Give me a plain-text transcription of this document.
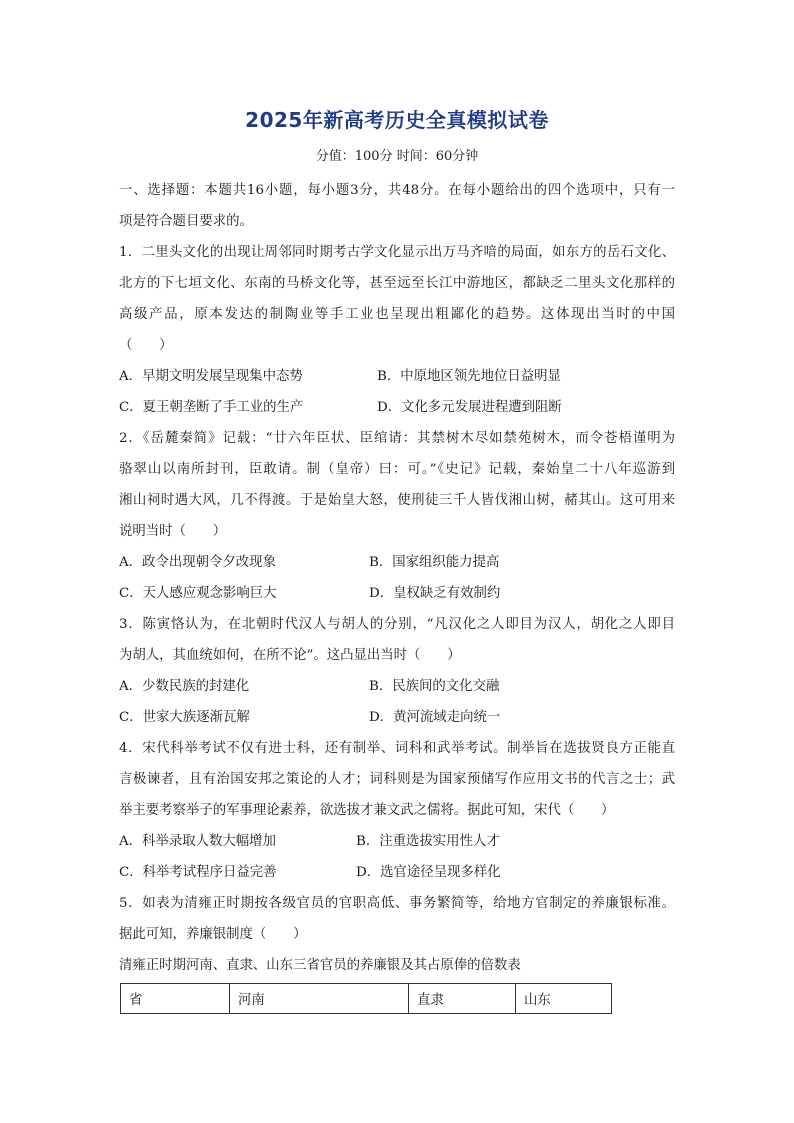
2025年新高考历史全真模拟试卷
分值：100分 时间：60分钟
一、选择题：本题共16小题，每小题3分，共48分。在每小题给出的四个选项中，只有一
项是符合题目要求的。
1．二里头文化的出现让周邻同时期考古学文化显示出万马齐喑的局面，如东方的岳石文化、
北方的下七垣文化、东南的马桥文化等，甚至远至长江中游地区，都缺乏二里头文化那样的
高级产品，原本发达的制陶业等手工业也呈现出粗鄙化的趋势。这体现出当时的中国
（　　）
A．早期文明发展呈现集中态势	B．中原地区领先地位日益明显
C．夏王朝垄断了手工业的生产	D．文化多元发展进程遭到阻断
2．《岳麓秦简》记载：“廿六年臣状、臣绾请：其禁树木尽如禁苑树木，而令苍梧谨明为
骆翠山以南所封刊，臣敢请。制（皇帝）曰：可。”《史记》记载，秦始皇二十八年巡游到
湘山祠时遇大风，几不得渡。于是始皇大怒，使刑徒三千人皆伐湘山树，赭其山。这可用来
说明当时（　　）
A．政令出现朝令夕改现象	B．国家组织能力提高
C．天人感应观念影响巨大	D．皇权缺乏有效制约
3．陈寅恪认为，在北朝时代汉人与胡人的分别，“凡汉化之人即目为汉人，胡化之人即目
为胡人，其血统如何，在所不论”。这凸显出当时（　　）
A．少数民族的封建化	B．民族间的文化交融
C．世家大族逐渐瓦解	D．黄河流域走向统一
4．宋代科举考试不仅有进士科，还有制举、词科和武举考试。制举旨在选拔贤良方正能直
言极谏者，且有治国安邦之策论的人才；词科则是为国家预储写作应用文书的代言之士；武
举主要考察举子的军事理论素养，欲选拔才兼文武之儒将。据此可知，宋代（　　）
A．科举录取人数大幅增加	B．注重选拔实用性人才
C．科举考试程序日益完善	D．选官途径呈现多样化
5．如表为清雍正时期按各级官员的官职高低、事务繁简等，给地方官制定的养廉银标准。
据此可知，养廉银制度（　　）
清雍正时期河南、直隶、山东三省官员的养廉银及其占原俸的倍数表
省	河南	直隶	山东
